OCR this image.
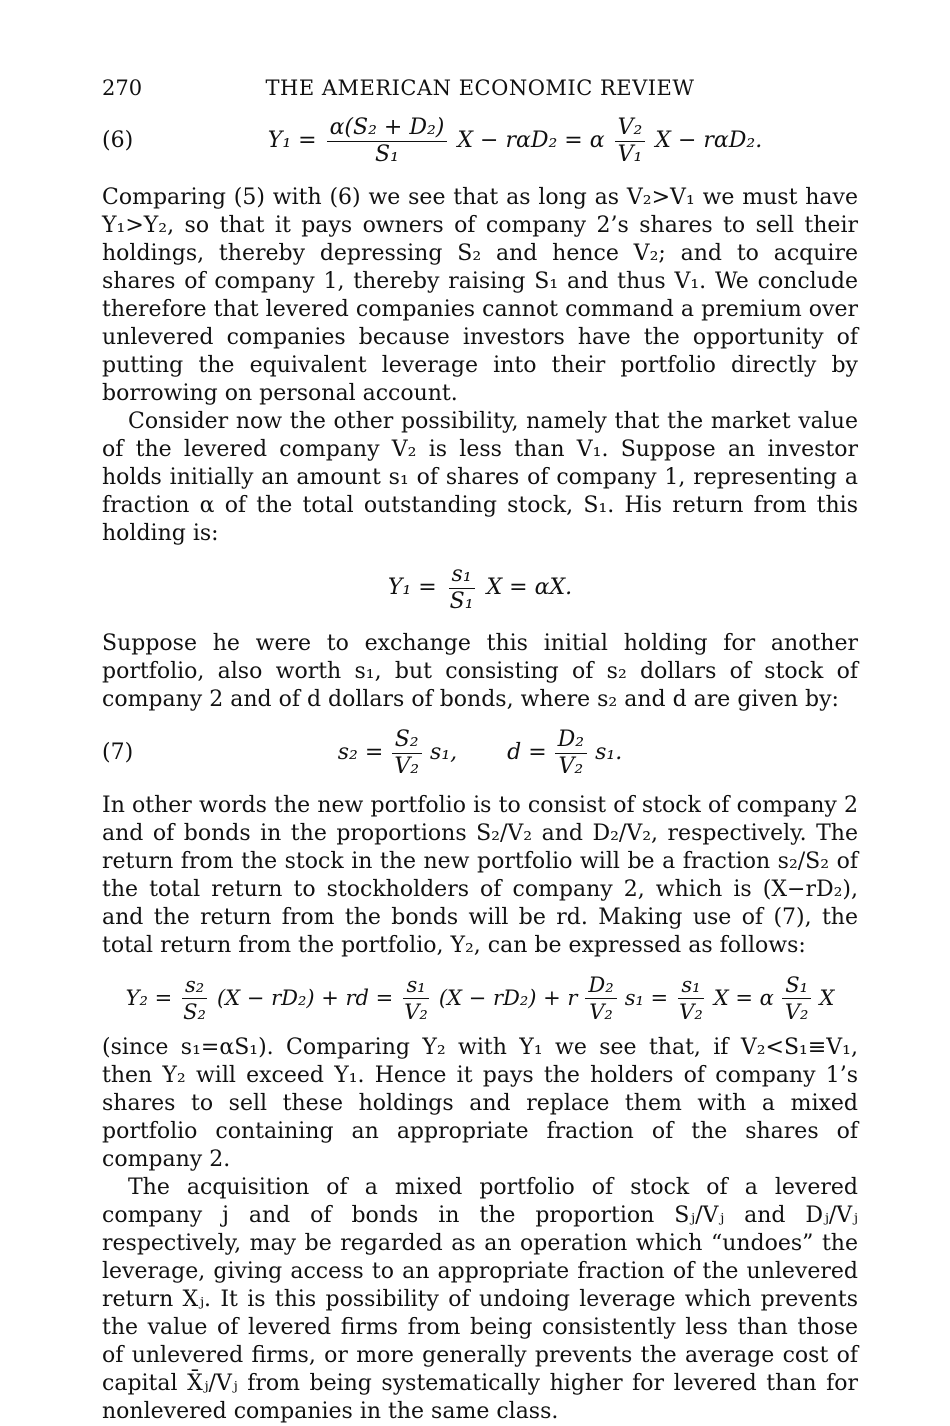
270	THE AMERICAN ECONOMIC REVIEW
(6)	$Y_1 = \frac{\text{α(S₂ + D₂)}}{\text{S₁}}$ X − rαD₂ = α $\frac{\text{V₂}}{\text{V₁}}$ X − rαD₂.

Comparing (5) with (6) we see that as long as V₂>V₁ we must have Y₁>Y₂, so that it pays owners of company 2’s shares to sell their holdings, thereby depressing S₂ and hence V₂; and to acquire shares of company 1, thereby raising S₁ and thus V₁. We conclude therefore that levered companies cannot command a premium over unlevered companies because investors have the opportunity of putting the equivalent leverage into their portfolio directly by borrowing on personal account.

Consider now the other possibility, namely that the market value of the levered company V₂ is less than V₁. Suppose an investor holds initially an amount s₁ of shares of company 1, representing a fraction α of the total outstanding stock, S₁. His return from this holding is:

$Y_1 = \frac{\text{s₁}}{\text{S₁}}$ X = αX.

Suppose he were to exchange this initial holding for another portfolio, also worth s₁, but consisting of s₂ dollars of stock of company 2 and of d dollars of bonds, where s₂ and d are given by:

(7)	$s_2 = \frac{\text{S₂}}{\text{V₂}} s_1$, $d = \frac{\text{D₂}}{\text{V₂}} s_1$.

In other words the new portfolio is to consist of stock of company 2 and of bonds in the proportions S₂/V₂ and D₂/V₂, respectively. The return from the stock in the new portfolio will be a fraction s₂/S₂ of the total return to stockholders of company 2, which is (X−rD₂), and the return from the bonds will be rd. Making use of (7), the total return from the portfolio, Y₂, can be expressed as follows:

$Y_2 = \frac{\text{s₂}}{\text{S₂}} (X - rD_2)$ + rd = $\frac{\text{s₁}}{\text{V₂}} (X - rD_2) + r \frac{\text{D₂}}{\text{V₂}} s_1 = \frac{\text{s₁}}{\text{V₂}}$ X = α $\frac{\text{S₁}}{\text{V₂}}$ X

(since s₁=αS₁). Comparing Y₂ with Y₁ we see that, if V₂<S₁≡V₁, then Y₂ will exceed Y₁. Hence it pays the holders of company 1’s shares to sell these holdings and replace them with a mixed portfolio containing an appropriate fraction of the shares of company 2.

The acquisition of a mixed portfolio of stock of a levered company j and of bonds in the proportion Sⱼ/Vⱼ and Dⱼ/Vⱼ respectively, may be regarded as an operation which “undoes” the leverage, giving access to an appropriate fraction of the unlevered return Xⱼ. It is this possibility of undoing leverage which prevents the value of levered firms from being consistently less than those of unlevered firms, or more generally prevents the average cost of capital X̄ⱼ/Vⱼ from being systematically higher for levered than for nonlevered companies in the same class.
